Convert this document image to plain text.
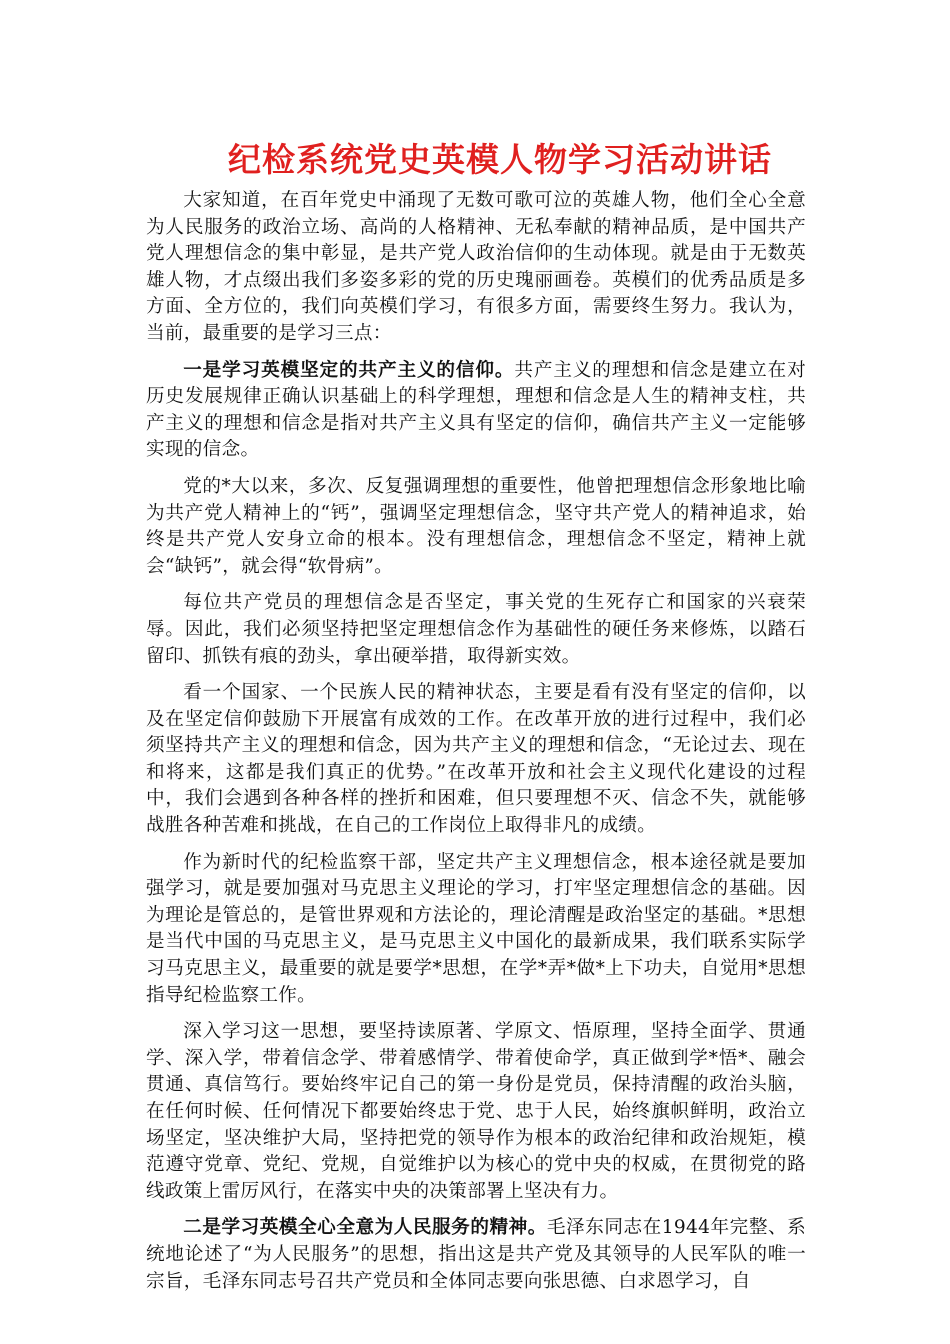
纪检系统党史英模人物学习活动讲话

大家知道，在百年党史中涌现了无数可歌可泣的英雄人物，他们全心全意为人民服务的政治立场、高尚的人格精神、无私奉献的精神品质，是中国共产党人理想信念的集中彰显，是共产党人政治信仰的生动体现。就是由于无数英雄人物，才点缀出我们多姿多彩的党的历史瑰丽画卷。英模们的优秀品质是多方面、全方位的，我们向英模们学习，有很多方面，需要终生努力。我认为，当前，最重要的是学习三点：

一是学习英模坚定的共产主义的信仰。共产主义的理想和信念是建立在对历史发展规律正确认识基础上的科学理想，理想和信念是人生的精神支柱，共产主义的理想和信念是指对共产主义具有坚定的信仰，确信共产主义一定能够实现的信念。

党的*大以来，多次、反复强调理想的重要性，他曾把理想信念形象地比喻为共产党人精神上的“钙”，强调坚定理想信念，坚守共产党人的精神追求，始终是共产党人安身立命的根本。没有理想信念，理想信念不坚定，精神上就会“缺钙”，就会得“软骨病”。

每位共产党员的理想信念是否坚定，事关党的生死存亡和国家的兴衰荣辱。因此，我们必须坚持把坚定理想信念作为基础性的硬任务来修炼，以踏石留印、抓铁有痕的劲头，拿出硬举措，取得新实效。

看一个国家、一个民族人民的精神状态，主要是看有没有坚定的信仰，以及在坚定信仰鼓励下开展富有成效的工作。在改革开放的进行过程中，我们必须坚持共产主义的理想和信念，因为共产主义的理想和信念，“无论过去、现在和将来，这都是我们真正的优势。”在改革开放和社会主义现代化建设的过程中，我们会遇到各种各样的挫折和困难，但只要理想不灭、信念不失，就能够战胜各种苦难和挑战，在自己的工作岗位上取得非凡的成绩。

作为新时代的纪检监察干部，坚定共产主义理想信念，根本途径就是要加强学习，就是要加强对马克思主义理论的学习，打牢坚定理想信念的基础。因为理论是管总的，是管世界观和方法论的，理论清醒是政治坚定的基础。*思想是当代中国的马克思主义，是马克思主义中国化的最新成果，我们联系实际学习马克思主义，最重要的就是要学*思想，在学*弄*做*上下功夫，自觉用*思想指导纪检监察工作。

深入学习这一思想，要坚持读原著、学原文、悟原理，坚持全面学、贯通学、深入学，带着信念学、带着感情学、带着使命学，真正做到学*悟*、融会贯通、真信笃行。要始终牢记自己的第一身份是党员，保持清醒的政治头脑，在任何时候、任何情况下都要始终忠于党、忠于人民，始终旗帜鲜明，政治立场坚定，坚决维护大局，坚持把党的领导作为根本的政治纪律和政治规矩，模范遵守党章、党纪、党规，自觉维护以为核心的党中央的权威，在贯彻党的路线政策上雷厉风行，在落实中央的决策部署上坚决有力。

二是学习英模全心全意为人民服务的精神。毛泽东同志在1944年完整、系统地论述了“为人民服务”的思想，指出这是共产党及其领导的人民军队的唯一宗旨，毛泽东同志号召共产党员和全体同志要向张思德、白求恩学习，自
